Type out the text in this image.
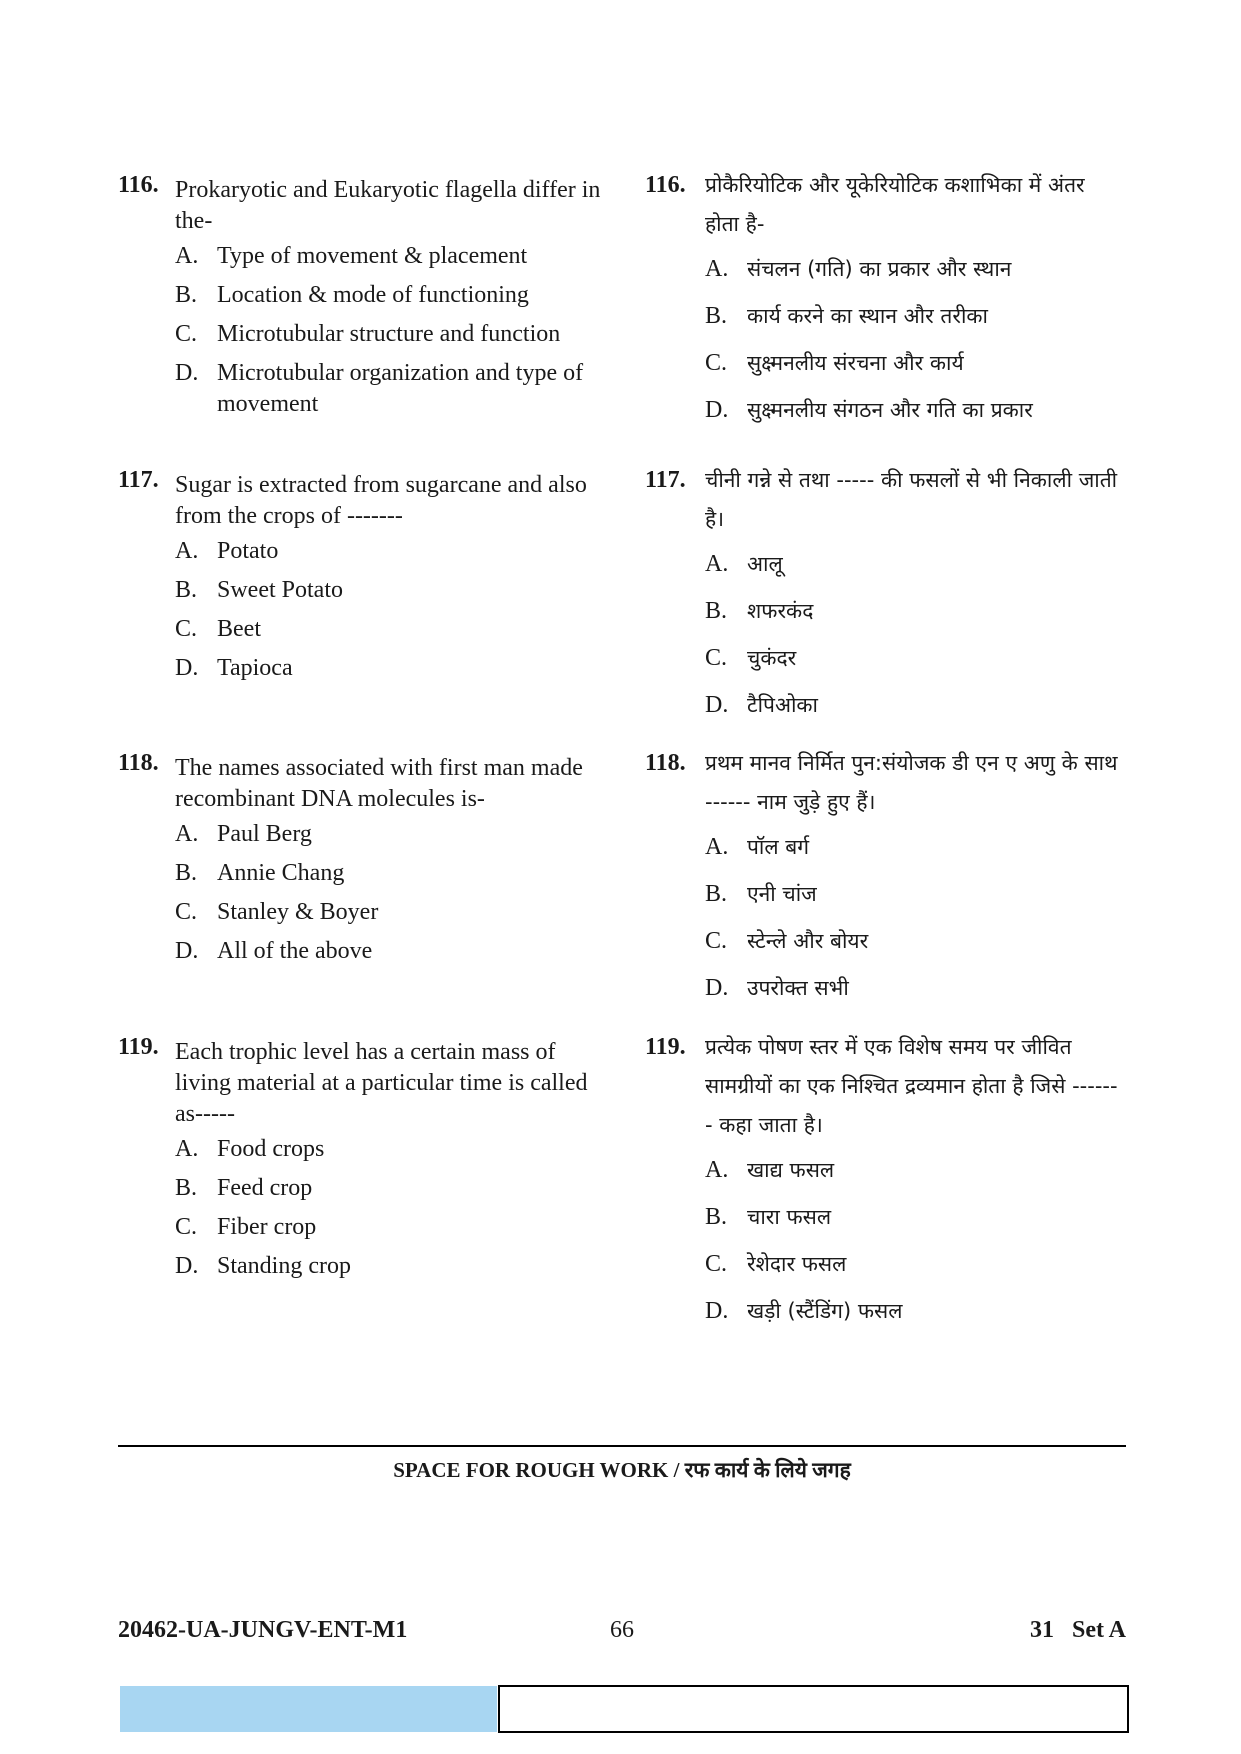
116. Prokaryotic and Eukaryotic flagella differ in the-
A. Type of movement & placement
B. Location & mode of functioning
C. Microtubular structure and function
D. Microtubular organization and type of movement
117. Sugar is extracted from sugarcane and also from the crops of -------
A. Potato
B. Sweet Potato
C. Beet
D. Tapioca
118. The names associated with first man made recombinant DNA molecules is-
A. Paul Berg
B. Annie Chang
C. Stanley & Boyer
D. All of the above
119. Each trophic level has a certain mass of living material at a particular time is called as-----
A. Food crops
B. Feed crop
C. Fiber crop
D. Standing crop
116. प्रोकैरियोटिक और यूकेरियोटिक कशाभिका में अंतर होता है-
A. संचलन (गति) का प्रकार और स्थान
B. कार्य करने का स्थान और तरीका
C. सुक्ष्मनलीय संरचना और कार्य
D. सुक्ष्मनलीय संगठन और गति का प्रकार
117. चीनी गन्ने से तथा ----- की फसलों से भी निकाली जाती है।
A. आलू
B. शफरकंद
C. चुकंदर
D. टैपिओका
118. प्रथम मानव निर्मित पुन:संयोजक डी एन ए अणु के साथ ------ नाम जुड़े हुए हैं।
A. पॉल बर्ग
B. एनी चांज
C. स्टेन्ले और बोयर
D. उपरोक्त सभी
119. प्रत्येक पोषण स्तर में एक विशेष समय पर जीवित सामग्रीयों का एक निश्चित द्रव्यमान होता है जिसे ------- कहा जाता है।
A. खाद्य फसल
B. चारा फसल
C. रेशेदार फसल
D. खड़ी (स्टैंडिंग) फसल
SPACE FOR ROUGH WORK / रफ कार्य के लिये जगह
20462-UA-JUNGV-ENT-M1	66	31   Set A
